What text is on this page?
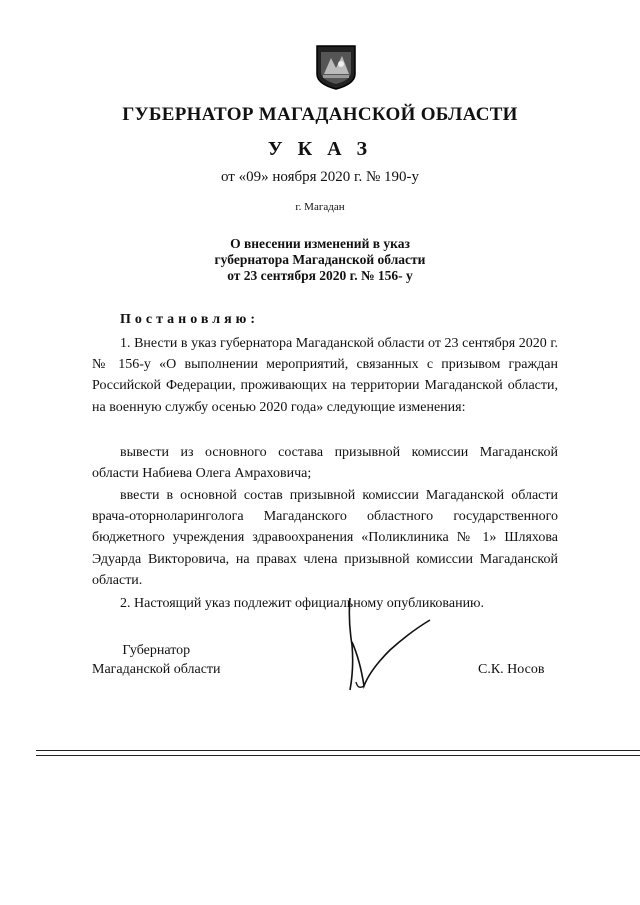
ГУБЕРНАТОР МАГАДАНСКОЙ ОБЛАСТИ
У К А З
от «09» ноября 2020 г. № 190-у
г. Магадан
О внесении изменений в указ
губернатора Магаданской области
от 23 сентября 2020 г. № 156- у
Постановляю:

1. Внести в указ губернатора Магаданской области от 23 сентября 2020 г. № 156-у «О выполнении мероприятий, связанных с призывом граждан Российской Федерации, проживающих на территории Магаданской области, на военную службу осенью 2020 года» следующие изменения:

вывести из основного состава призывной комиссии Магаданской области Набиева Олега Амраховича;

ввести в основной состав призывной комиссии Магаданской области врача-оторноларинголога Магаданского областного государственного бюджетного учреждения здравоохранения «Поликлиника № 1» Шляхова Эдуарда Викторовича, на правах члена призывной комиссии Магаданской области.

2. Настоящий указ подлежит официальному опубликованию.

Губернатор
Магаданской области	С.К. Носов
